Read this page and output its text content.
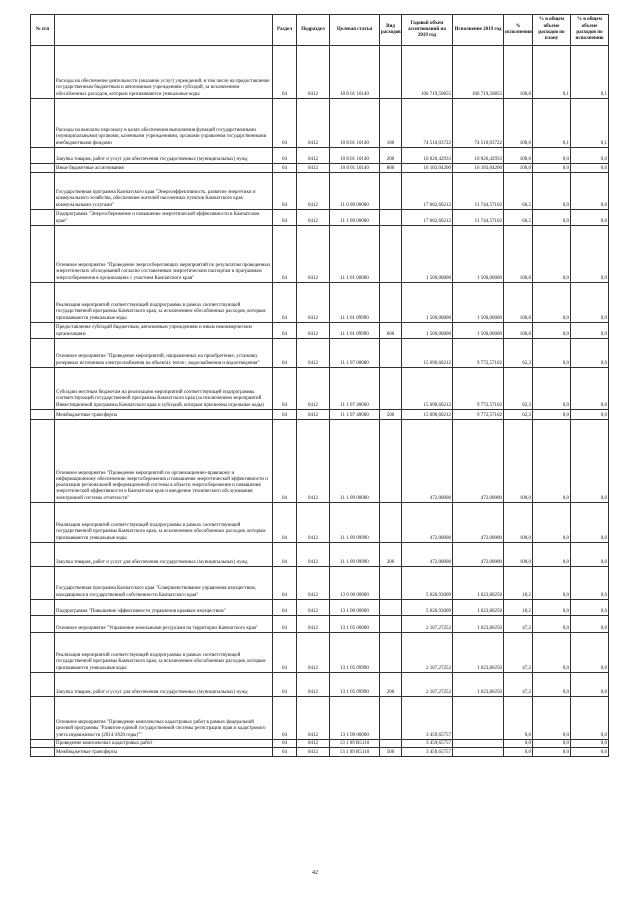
№ п/п		Раздел	Подраздел	Целевая статья	Вид расходов	Годовой объем ассигнований на 2019 год	Исполнение 2019 год	% исполнения	% в общем объеме расходов по плану	% в общем объеме расходов по исполнению
	Расходы на обеспечение деятельности (оказание услуг) учреждений, в том числе на предоставление государственным бюджетным и автономным учреждениям субсидий, за исключением обособленных расходов, которым присваиваются уникальные коды	04	0412	10 8 01 10140		106 719,50855	106 719,50855	100,0	0,1	0,1
	Расходы на выплаты персоналу в целях обеспечения выполнения функций государственными (муниципальными) органами, казенными учреждениями, органами управления государственными внебюджетными фондами	04	0412	10 8 01 10140	100	74 510,03722	74 510,03722	100,0	0,1	0,1
	Закупка товаров, работ и услуг для обеспечения государственных (муниципальных) нужд	04	0412	10 8 01 10140	200	16 026,42933	16 026,42933	100,0	0,0	0,0
	Иные бюджетные ассигнования	04	0412	10 8 01 10140	800	16 183,04200	16 183,04200	100,0	0,0	0,0
	Государственная программа Камчатского края "Энергоэффективность, развитие энергетики и коммунального хозяйства, обеспечение жителей населенных пунктов Камчатского края коммунальными услугами"	04	0412	11 0 00 00000		17 662,60212	11 744,57102	66,5	0,0	0,0
	Подпрограмма "Энергосбережение и повышение энергетической эффективности в Камчатском крае"	04	0412	11 1 00 00000		17 662,60212	11 744,57102	66,5	0,0	0,0
	Основное мероприятие "Проведение энергосберегающих мероприятий по результатам проведенных энергетических обследований согласно составленным энергетическим паспортам и программам энергосбережения в организациях с участием Камчатского края"	04	0412	11 1 01 00000		1 500,00000	1 500,00000	100,0	0,0	0,0
	Реализация мероприятий соответствующей подпрограммы в рамках соответствующей государственной программы Камчатского края, за исключением обособленных расходов, которым присваиваются уникальные коды	04	0412	11 1 01 09990		1 500,00000	1 500,00000	100,0	0,0	0,0
	Предоставление субсидий бюджетным, автономным учреждениям и иным некоммерческим организациям	04	0412	11 1 01 09990	600	1 500,00000	1 500,00000	100,0	0,0	0,0
	Основное мероприятие "Проведение мероприятий, направленных на приобретение, установку резервных источников электроснабжения на объектах тепло-, водоснабжения и водоотведения"	04	0412	11 1 07 00000		15 690,60212	9 772,57102	62,3	0,0	0,0
	Субсидии местным бюджетам на реализацию мероприятий соответствующей подпрограммы соответствующей государственной программы Камчатского края (за исключением мероприятий Инвестиционной программы Камчатского края и субсидий, которым присвоены отдельные коды)	04	0412	11 1 07 40060		15 690,60212	9 772,57102	62,3	0,0	0,0
	Межбюджетные трансферты	04	0412	11 1 07 40060	500	15 690,60212	9 772,57102	62,3	0,0	0,0
	Основное мероприятие "Проведение мероприятий по организационно-правовому и информационному обеспечению энергосбережения и повышения энергетической эффективности и реализации региональной информационной системы в области энергосбережения и повышения энергетической эффективности в Камчатском крае и внедрение технического обслуживания электронной системы отчетности"	04	0412	11 1 09 00000		472,00000	472,00000	100,0	0,0	0,0
	Реализация мероприятий соответствующей подпрограммы в рамках соответствующей государственной программы Камчатского края, за исключением обособленных расходов, которым присваиваются уникальные коды	04	0412	11 1 09 09990		472,00000	472,00000	100,0	0,0	0,0
	Закупка товаров, работ и услуг для обеспечения государственных (муниципальных) нужд	04	0412	11 1 09 09990	200	472,00000	472,00000	100,0	0,0	0,0
	Государственная программа Камчатского края "Совершенствование управления имуществом, находящимся в государственной собственности Камчатского края"	04	0412	13 0 00 00000		5 626,93009	1 023,80250	18,2	0,0	0,0
	Подпрограмма "Повышение эффективности управления краевым имуществом"	04	0412	13 1 00 00000		5 626,93009	1 023,80250	18,2	0,0	0,0
	Основное мероприятие "Управление земельными ресурсами на территории Камчатского края"	04	0412	13 1 05 00000		2 167,27252	1 023,80250	47,2	0,0	0,0
	Реализация мероприятий соответствующей подпрограммы в рамках соответствующей государственной программы Камчатского края, за исключением обособленных расходов, которым присваиваются уникальные коды	04	0412	13 1 05 09990		2 167,27252	1 023,80250	47,2	0,0	0,0
	Закупка товаров, работ и услуг для обеспечения государственных (муниципальных) нужд	04	0412	13 1 05 09990	200	2 167,27252	1 023,80250	47,2	0,0	0,0
	Основное мероприятие "Проведение комплексных кадастровых работ в рамках федеральной целевой программы "Развитие единой государственной системы регистрации прав и кадастрового учета недвижимости (2014-2020 годы)""	04	0412	13 1 09 00000		3 459,65757		0,0	0,0	0,0
	Проведение комплексных кадастровых работ	04	0412	13 1 09 R5110		3 459,65757		0,0	0,0	0,0
	Межбюджетные трансферты	04	0412	13 1 09 R5110	500	3 459,65757		0,0	0,0	0,0
42
